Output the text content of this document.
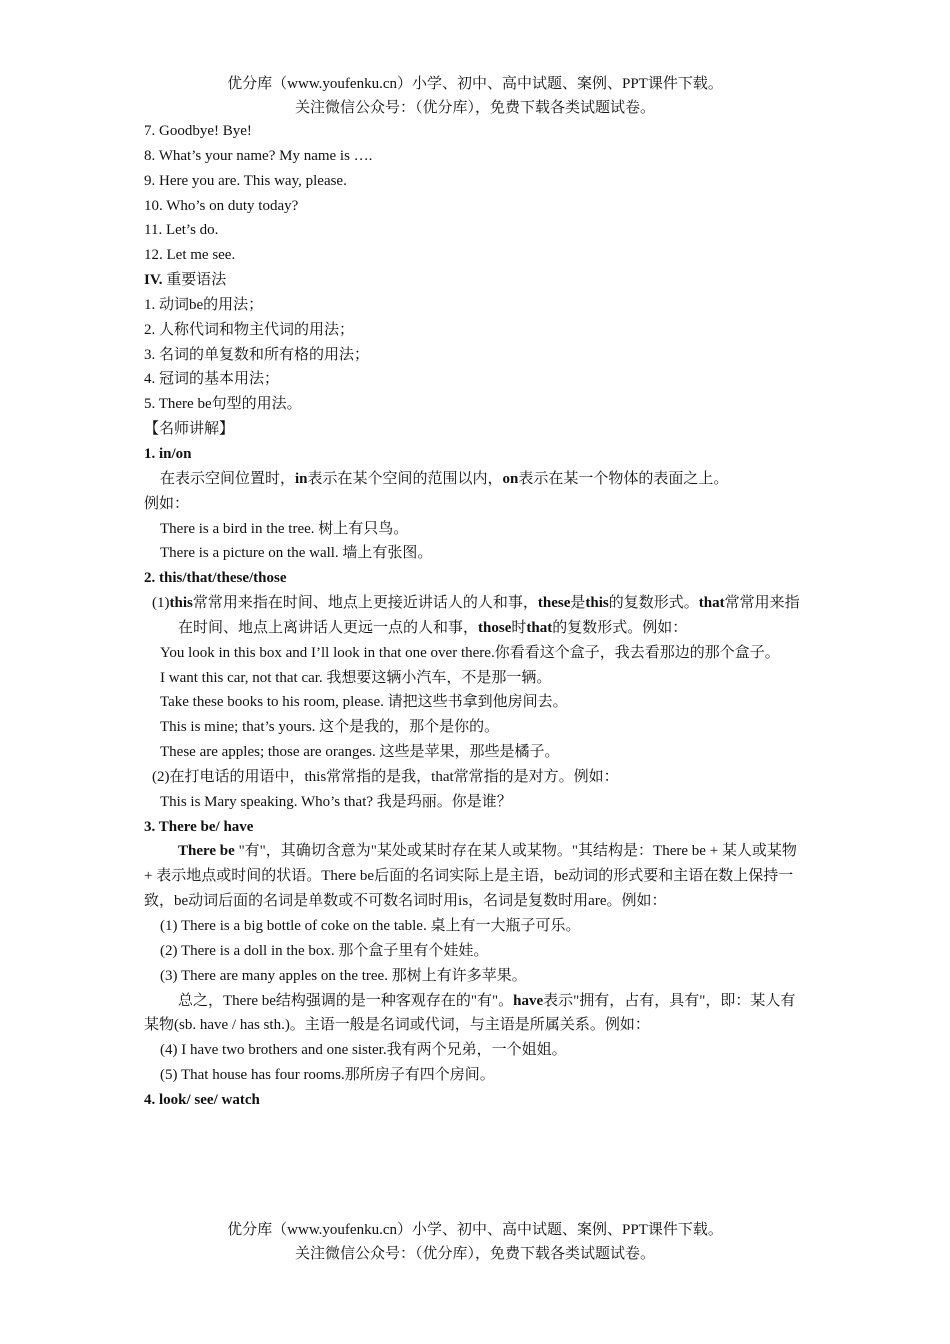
优分库（www.youfenku.cn）小学、初中、高中试题、案例、PPT课件下载。
关注微信公众号：（优分库），免费下载各类试题试卷。
7. Goodbye! Bye!
8. What’s your name? My name is ….
9. Here you are. This way, please.
10. Who’s on duty today?
11. Let’s do.
12. Let me see.
IV. 重要语法
1. 动词be的用法；
2. 人称代词和物主代词的用法；
3. 名词的单复数和所有格的用法；
4. 冠词的基本用法；
5. There be句型的用法。
【名师讲解】
1. in/on
在表示空间位置时，in表示在某个空间的范围以内，on表示在某一个物体的表面之上。
例如：
There is a bird in the tree. 树上有只鸟。
There is a picture on the wall. 墙上有张图。
2. this/that/these/those
(1)this常常用来指在时间、地点上更接近讲话人的人和事，these是this的复数形式。that常常用来指在时间、地点上离讲话人更远一点的人和事，those时that的复数形式。例如：
You look in this box and I’ll look in that one over there.你看看这个盒子，我去看那边的那个盒子。
I want this car, not that car. 我想要这辆小汽车，不是那一辆。
Take these books to his room, please. 请把这些书拿到他房间去。
This is mine; that’s yours. 这个是我的，那个是你的。
These are apples; those are oranges. 这些是苹果，那些是橘子。
(2)在打电话的用语中，this常常指的是我，that常常指的是对方。例如：
This is Mary speaking. Who’s that? 我是玛丽。你是谁？
3. There be/ have
There be "有"，其确切含意为"某处或某时存在某人或某物。"其结构是：There be + 某人或某物 + 表示地点或时间的状语。There be后面的名词实际上是主语，be动词的形式要和主语在数上保持一致，be动词后面的名词是单数或不可数名词时用is，名词是复数时用are。例如：
(1) There is a big bottle of coke on the table. 桌上有一大瓶子可乐。
(2) There is a doll in the box. 那个盒子里有个娃娃。
(3) There are many apples on the tree. 那树上有许多苹果。
总之，There be结构强调的是一种客观存在的"有"。have表示"拥有，占有，具有"，即：某人有某物(sb. have / has sth.)。主语一般是名词或代词，与主语是所属关系。例如：
(4) I have two brothers and one sister.我有两个兄弟，一个姐姐。
(5) That house has four rooms.那所房子有四个房间。
4. look/ see/ watch
优分库（www.youfenku.cn）小学、初中、高中试题、案例、PPT课件下载。
关注微信公众号：（优分库），免费下载各类试题试卷。
